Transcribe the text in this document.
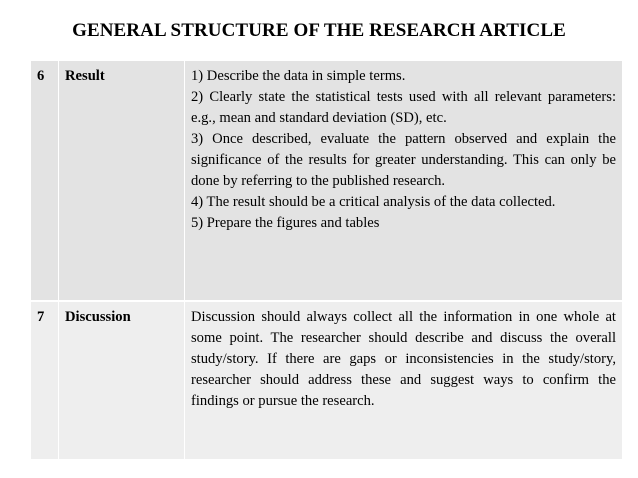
GENERAL STRUCTURE OF THE RESEARCH ARTICLE
6	Result	1) Describe the data in simple terms.
2) Clearly state the statistical tests used with all relevant parameters: e.g., mean and standard deviation (SD), etc.
3) Once described, evaluate the pattern observed and explain the significance of the results for greater understanding. This can only be done by referring to the published research.
4) The result should be a critical analysis of the data collected.
5) Prepare the figures and tables

7	Discussion	Discussion should always collect all the information in one whole at some point. The researcher should describe and discuss the overall study/story. If there are gaps or inconsistencies in the study/story, researcher should address these and suggest ways to confirm the findings or pursue the research.
